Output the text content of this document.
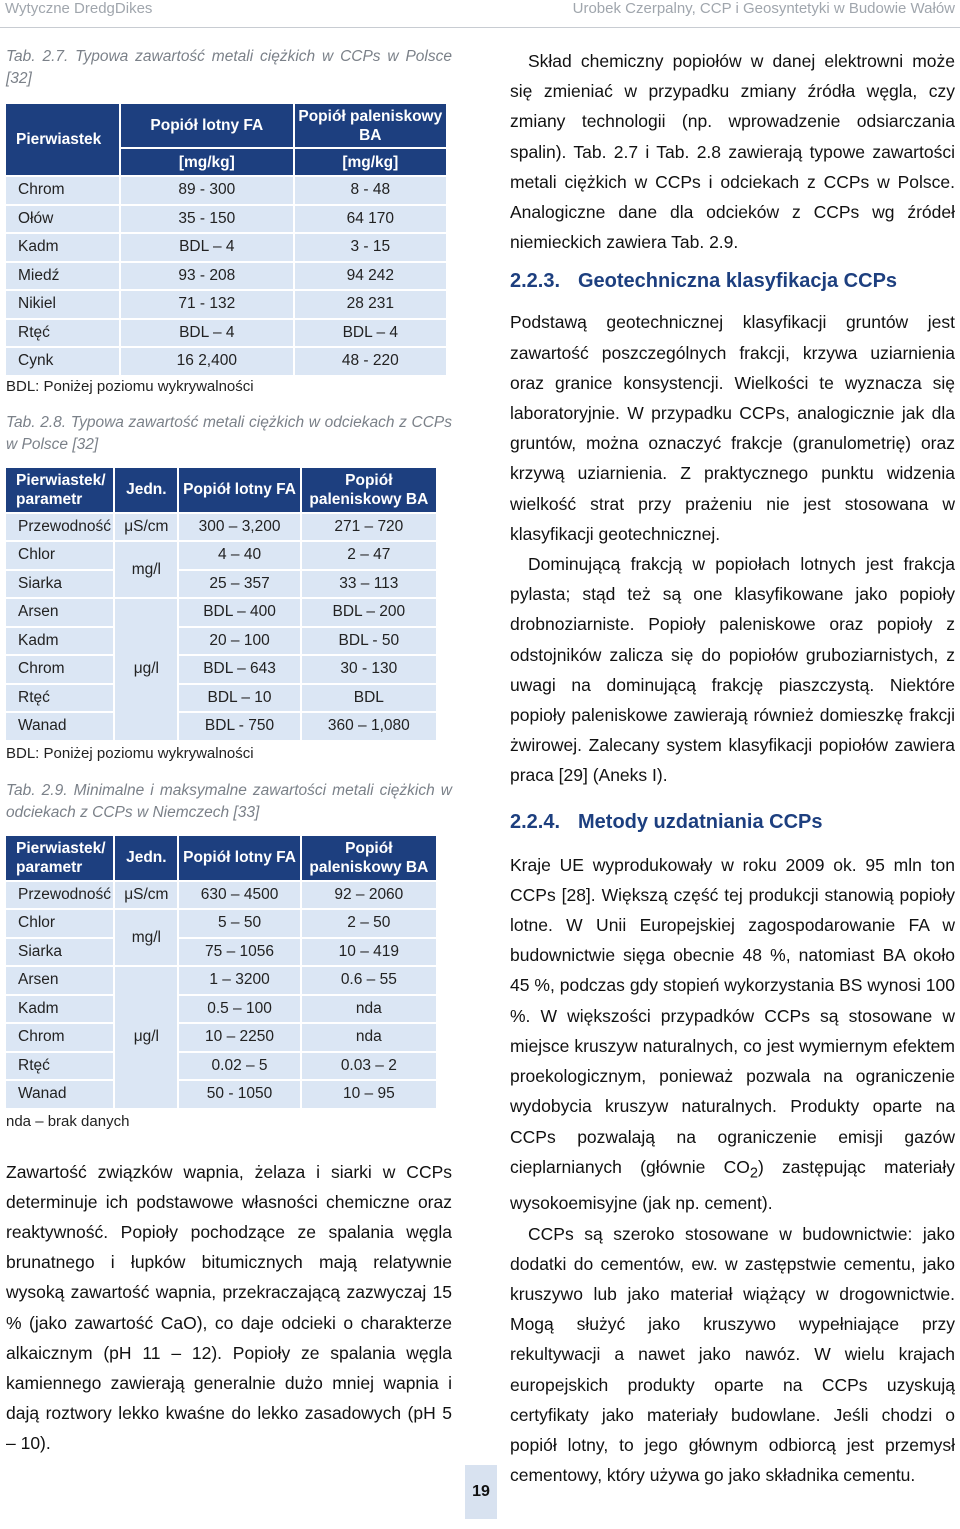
Wytyczne DredgDikes	Urobek Czerpalny, CCP i Geosyntetyki w Budowie Wałów
Tab. 2.7. Typowa zawartość metali ciężkich w CCPs w Polsce [32]
Pierwiastek	Popiół lotny FA	Popiół paleniskowy BA
	[mg/kg]	[mg/kg]
Chrom	89 - 300	8 - 48
Ołów	35 - 150	64 170
Kadm	BDL – 4	3 - 15
Miedź	93 - 208	94 242
Nikiel	71 - 132	28 231
Rtęć	BDL – 4	BDL – 4
Cynk	16 2,400	48 - 220
BDL: Poniżej poziomu wykrywalności
Tab. 2.8. Typowa zawartość metali ciężkich w odciekach z CCPs w Polsce [32]
Pierwiastek/ parametr	Jedn.	Popiół lotny FA	Popiół paleniskowy BA
Przewodność	μS/cm	300 – 3,200	271 – 720
Chlor	mg/l	4 – 40	2 – 47
Siarka		25 – 357	33 – 113
Arsen	μg/l	BDL – 400	BDL – 200
Kadm		20 – 100	BDL - 50
Chrom		BDL – 643	30 - 130
Rtęć		BDL – 10	BDL
Wanad		BDL - 750	360 – 1,080
BDL: Poniżej poziomu wykrywalności
Tab. 2.9. Minimalne i maksymalne zawartości metali ciężkich w odciekach z CCPs w Niemczech [33]
Pierwiastek/ parametr	Jedn.	Popiół lotny FA	Popiół paleniskowy BA
Przewodność	μS/cm	630 – 4500	92 – 2060
Chlor	mg/l	5 – 50	2 – 50
Siarka		75 – 1056	10 – 419
Arsen	μg/l	1 – 3200	0.6 – 55
Kadm		0.5 – 100	nda
Chrom		10 – 2250	nda
Rtęć		0.02 – 5	0.03 – 2
Wanad		50 - 1050	10 – 95
nda – brak danych

Zawartość związków wapnia, żelaza i siarki w CCPs determinuje ich podstawowe własności chemiczne oraz reaktywność. Popioły pochodzące ze spalania węgla brunatnego i łupków bitumicznych mają relatywnie wysoką zawartość wapnia, przekraczającą zazwyczaj 15 % (jako zawartość CaO), co daje odcieki o charakterze alkaicznym (pH 11 – 12). Popioły ze spalania węgla kamiennego zawierają generalnie dużo mniej wapnia i dają roztwory lekko kwaśne do lekko zasadowych (pH 5 – 10).

Skład chemiczny popiołów w danej elektrowni może się zmieniać w przypadku zmiany źródła węgla, czy zmiany technologii (np. wprowadzenie odsiarczania spalin). Tab. 2.7 i Tab. 2.8 zawierają typowe zawartości metali ciężkich w CCPs i odciekach z CCPs w Polsce. Analogiczne dane dla odcieków z CCPs wg źródeł niemieckich zawiera Tab. 2.9.

2.2.3. Geotechniczna klasyfikacja CCPs

Podstawą geotechnicznej klasyfikacji gruntów jest zawartość poszczególnych frakcji, krzywa uziarnienia oraz granice konsystencji. Wielkości te wyznacza się laboratoryjnie. W przypadku CCPs, analogicznie jak dla gruntów, można oznaczyć frakcje (granulometrię) oraz krzywą uziarnienia. Z praktycznego punktu widzenia wielkość strat przy prażeniu nie jest stosowana w klasyfikacji geotechnicznej.

Dominującą frakcją w popiołach lotnych jest frakcja pylasta; stąd też są one klasyfikowane jako popioły drobnoziarniste. Popioły paleniskowe oraz popioły z odstojników zalicza się do popiołów gruboziarnistych, z uwagi na dominującą frakcję piaszczystą. Niektóre popioły paleniskowe zawierają również domieszkę frakcji żwirowej. Zalecany system klasyfikacji popiołów zawiera praca [29] (Aneks I).

2.2.4. Metody uzdatniania CCPs

Kraje UE wyprodukowały w roku 2009 ok. 95 mln ton CCPs [28]. Większą część tej produkcji stanowią popioły lotne. W Unii Europejskiej zagospodarowanie FA w budownictwie sięga obecnie 48 %, natomiast BA około 45 %, podczas gdy stopień wykorzystania BS wynosi 100 %. W większości przypadków CCPs są stosowane w miejsce kruszyw naturalnych, co jest wymiernym efektem proekologicznym, ponieważ pozwala na ograniczenie wydobycia kruszyw naturalnych. Produkty oparte na CCPs pozwalają na ograniczenie emisji gazów cieplarnianych (głównie $CO_2$) zastępując materiały wysokoemisyjne (jak np. cement).

CCPs są szeroko stosowane w budownictwie: jako dodatki do cementów, ew. w zastępstwie cementu, jako kruszywo lub jako materiał wiążący w drogownictwie. Mogą służyć jako kruszywo wypełniające przy rekultywacji a nawet jako nawóz. W wielu krajach europejskich produkty oparte na CCPs uzyskują certyfikaty jako materiały budowlane. Jeśli chodzi o popiół lotny, to jego głównym odbiorcą jest przemysł cementowy, który używa go jako składnika cementu.

19
